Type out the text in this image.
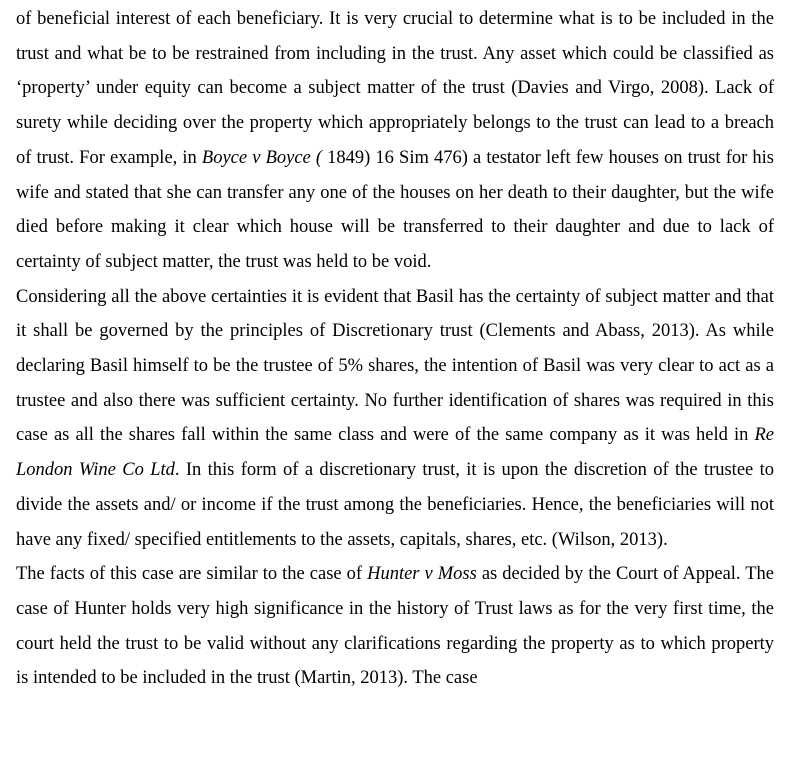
of beneficial interest of each beneficiary. It is very crucial to determine what is to be included in the trust and what be to be restrained from including in the trust. Any asset which could be classified as ‘property’ under equity can become a subject matter of the trust (Davies and Virgo, 2008). Lack of surety while deciding over the property which appropriately belongs to the trust can lead to a breach of trust. For example, in Boyce v Boyce ( 1849) 16 Sim 476) a testator left few houses on trust for his wife and stated that she can transfer any one of the houses on her death to their daughter, but the wife died before making it clear which house will be transferred to their daughter and due to lack of certainty of subject matter, the trust was held to be void.

Considering all the above certainties it is evident that Basil has the certainty of subject matter and that it shall be governed by the principles of Discretionary trust (Clements and Abass, 2013). As while declaring Basil himself to be the trustee of 5% shares, the intention of Basil was very clear to act as a trustee and also there was sufficient certainty. No further identification of shares was required in this case as all the shares fall within the same class and were of the same company as it was held in Re London Wine Co Ltd. In this form of a discretionary trust, it is upon the discretion of the trustee to divide the assets and/ or income if the trust among the beneficiaries. Hence, the beneficiaries will not have any fixed/ specified entitlements to the assets, capitals, shares, etc. (Wilson, 2013).

The facts of this case are similar to the case of Hunter v Moss as decided by the Court of Appeal. The case of Hunter holds very high significance in the history of Trust laws as for the very first time, the court held the trust to be valid without any clarifications regarding the property as to which property is intended to be included in the trust (Martin, 2013). The case
